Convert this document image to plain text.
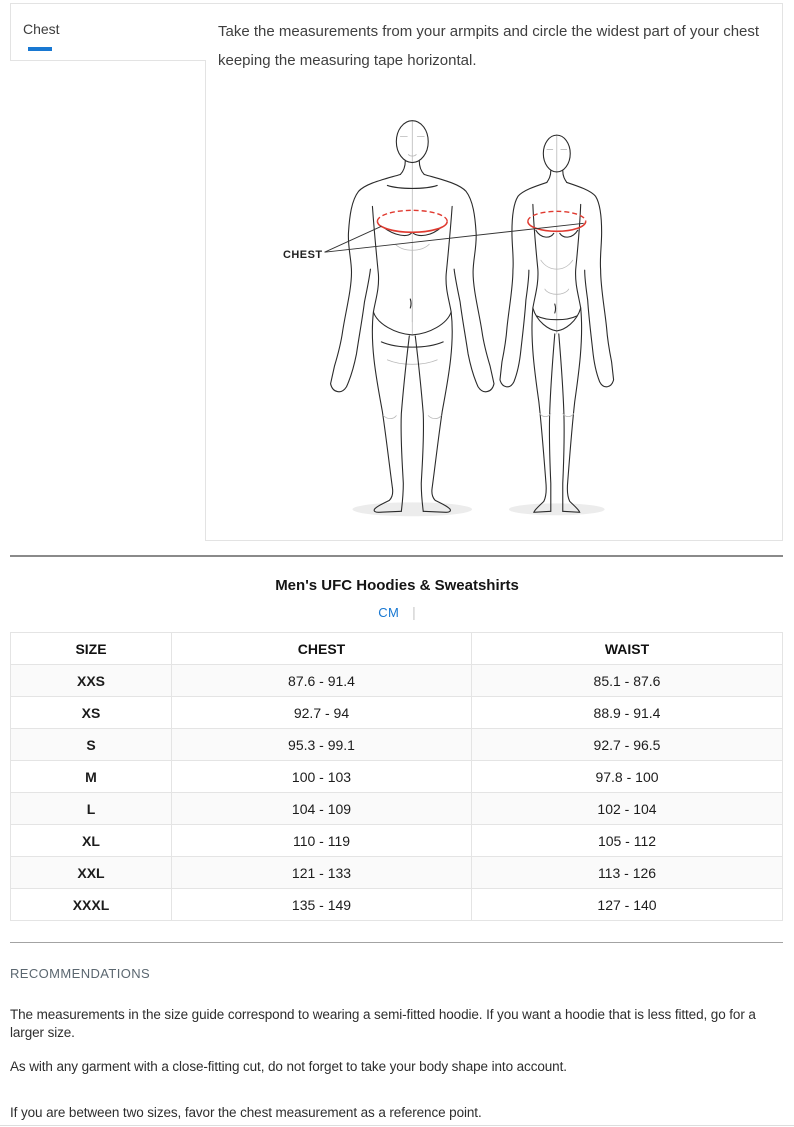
Chest	Take the measurements from your armpits and circle the widest part of your chest keeping the measuring tape horizontal.
CHEST
Men's UFC Hoodies & Sweatshirts
CM |
SIZE	CHEST	WAIST
XXS	87.6 - 91.4	85.1 - 87.6
XS	92.7 - 94	88.9 - 91.4
S	95.3 - 99.1	92.7 - 96.5
M	100 - 103	97.8 - 100
L	104 - 109	102 - 104
XL	110 - 119	105 - 112
XXL	121 - 133	113 - 126
XXXL	135 - 149	127 - 140
RECOMMENDATIONS

The measurements in the size guide correspond to wearing a semi-fitted hoodie. If you want a hoodie that is less fitted, go for a larger size.

As with any garment with a close-fitting cut, do not forget to take your body shape into account.

If you are between two sizes, favor the chest measurement as a reference point.
